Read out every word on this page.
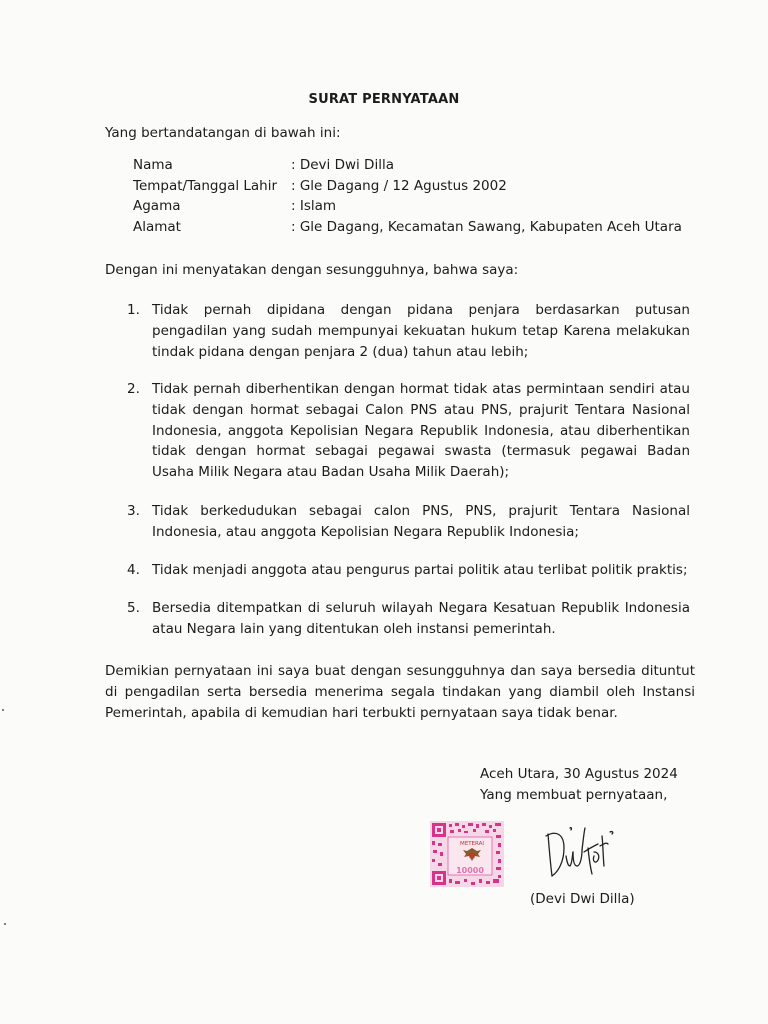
SURAT PERNYATAAN
Yang bertandatangan di bawah ini:
Nama	: Devi Dwi Dilla
Tempat/Tanggal Lahir	: Gle Dagang / 12 Agustus 2002
Agama	: Islam
Alamat	: Gle Dagang, Kecamatan Sawang, Kabupaten Aceh Utara
Dengan ini menyatakan dengan sesungguhnya, bahwa saya:
1. Tidak pernah dipidana dengan pidana penjara berdasarkan putusan pengadilan yang sudah mempunyai kekuatan hukum tetap Karena melakukan tindak pidana dengan penjara 2 (dua) tahun atau lebih;
2. Tidak pernah diberhentikan dengan hormat tidak atas permintaan sendiri atau tidak dengan hormat sebagai Calon PNS atau PNS, prajurit Tentara Nasional Indonesia, anggota Kepolisian Negara Republik Indonesia, atau diberhentikan tidak dengan hormat sebagai pegawai swasta (termasuk pegawai Badan Usaha Milik Negara atau Badan Usaha Milik Daerah);
3. Tidak berkedudukan sebagai calon PNS, PNS, prajurit Tentara Nasional Indonesia, atau anggota Kepolisian Negara Republik Indonesia;
4. Tidak menjadi anggota atau pengurus partai politik atau terlibat politik praktis;
5. Bersedia ditempatkan di seluruh wilayah Negara Kesatuan Republik Indonesia atau Negara lain yang ditentukan oleh instansi pemerintah.
Demikian pernyataan ini saya buat dengan sesungguhnya dan saya bersedia dituntut di pengadilan serta bersedia menerima segala tindakan yang diambil oleh Instansi Pemerintah, apabila di kemudian hari terbukti pernyataan saya tidak benar.
Aceh Utara, 30 Agustus 2024
Yang membuat pernyataan,
METERAI
10000
(Devi Dwi Dilla)
